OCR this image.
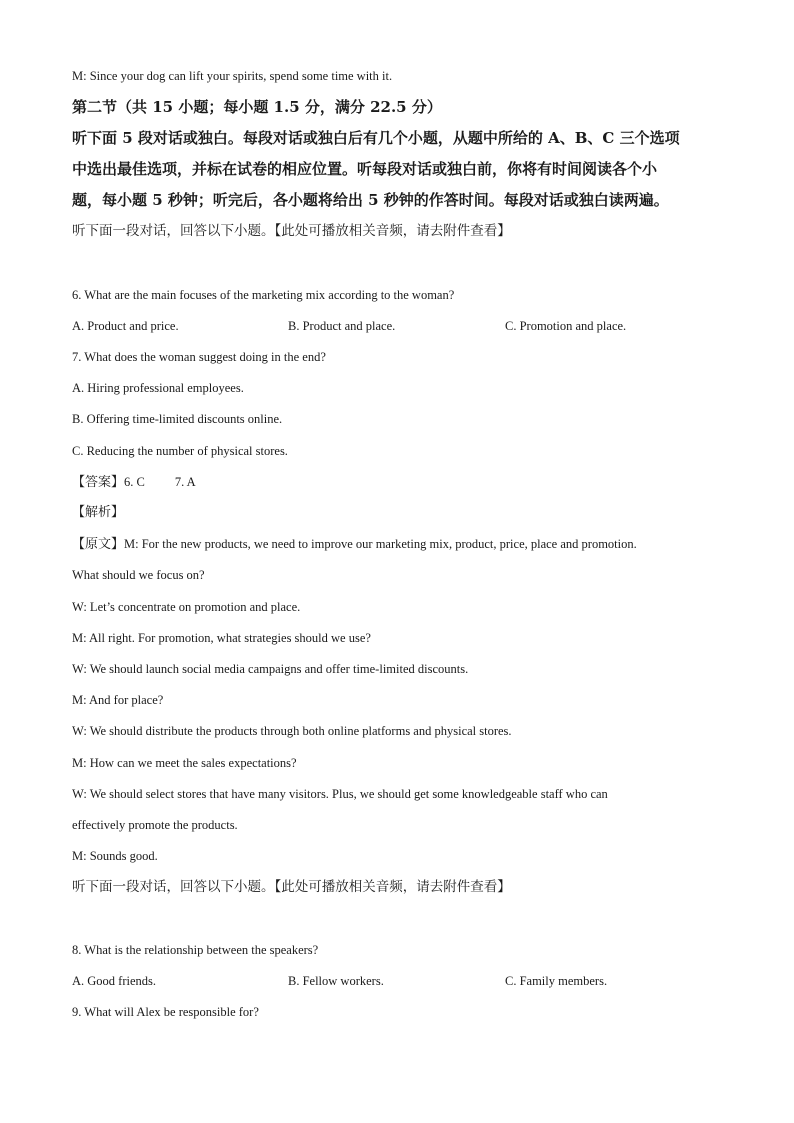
M: Since your dog can lift your spirits, spend some time with it.
第二节（共 15 小题；每小题 1.5 分，满分 22.5 分）
听下面 5 段对话或独白。每段对话或独白后有几个小题，从题中所给的 A、B、C 三个选项
中选出最佳选项，并标在试卷的相应位置。听每段对话或独白前，你将有时间阅读各个小
题，每小题 5 秒钟；听完后，各小题将给出 5 秒钟的作答时间。每段对话或独白读两遍。
听下面一段对话，回答以下小题。【此处可播放相关音频，请去附件查看】
6. What are the main focuses of the marketing mix according to the woman?
A. Product and price.	B. Product and place.	C. Promotion and place.
7. What does the woman suggest doing in the end?
A. Hiring professional employees.
B. Offering time-limited discounts online.
C. Reducing the number of physical stores.
【答案】6. C 7. A
【解析】
【原文】M: For the new products, we need to improve our marketing mix, product, price, place and promotion.
What should we focus on?
W: Let’s concentrate on promotion and place.
M: All right. For promotion, what strategies should we use?
W: We should launch social media campaigns and offer time-limited discounts.
M: And for place?
W: We should distribute the products through both online platforms and physical stores.
M: How can we meet the sales expectations?
W: We should select stores that have many visitors. Plus, we should get some knowledgeable staff who can
effectively promote the products.
M: Sounds good.
听下面一段对话，回答以下小题。【此处可播放相关音频，请去附件查看】
8. What is the relationship between the speakers?
A. Good friends.	B. Fellow workers.	C. Family members.
9. What will Alex be responsible for?
